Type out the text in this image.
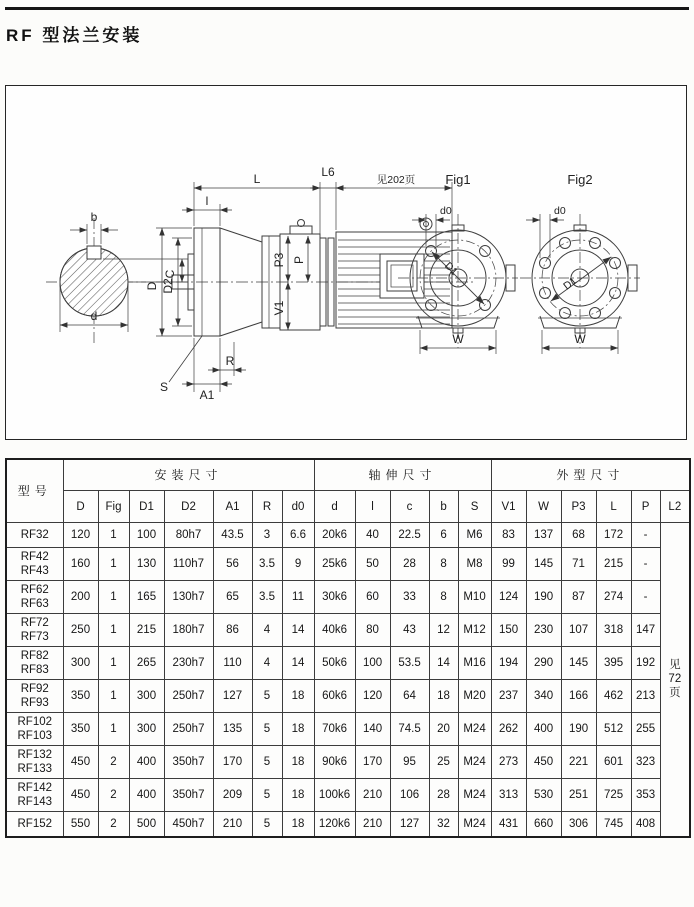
RF 型法兰安装
b
C
d
L	L6
见202页
l
D D2
P3 P
V1
S
R
A1
Fig1
d0
D1
W
Fig2
d0
D1
W
型号	安装尺寸							轴伸尺寸					外型尺寸					
	D	Fig	D1	D2	A1	R	d0	d	l	c	b	S	V1	W	P3	L	P	L2
RF32	120	1	100	80h7	43.5	3	6.6	20k6	40	22.5	6	M6	83	137	68	172	-	见
72
页
RF42
RF43	160	1	130	110h7	56	3.5	9	25k6	50	28	8	M8	99	145	71	215	-	
RF62
RF63	200	1	165	130h7	65	3.5	11	30k6	60	33	8	M10	124	190	87	274	-	
RF72
RF73	250	1	215	180h7	86	4	14	40k6	80	43	12	M12	150	230	107	318	147	
RF82
RF83	300	1	265	230h7	110	4	14	50k6	100	53.5	14	M16	194	290	145	395	192	
RF92
RF93	350	1	300	250h7	127	5	18	60k6	120	64	18	M20	237	340	166	462	213	
RF102
RF103	350	1	300	250h7	135	5	18	70k6	140	74.5	20	M24	262	400	190	512	255	
RF132
RF133	450	2	400	350h7	170	5	18	90k6	170	95	25	M24	273	450	221	601	323	
RF142
RF143	450	2	400	350h7	209	5	18	100k6	210	106	28	M24	313	530	251	725	353	
RF152	550	2	500	450h7	210	5	18	120k6	210	127	32	M24	431	660	306	745	408	
